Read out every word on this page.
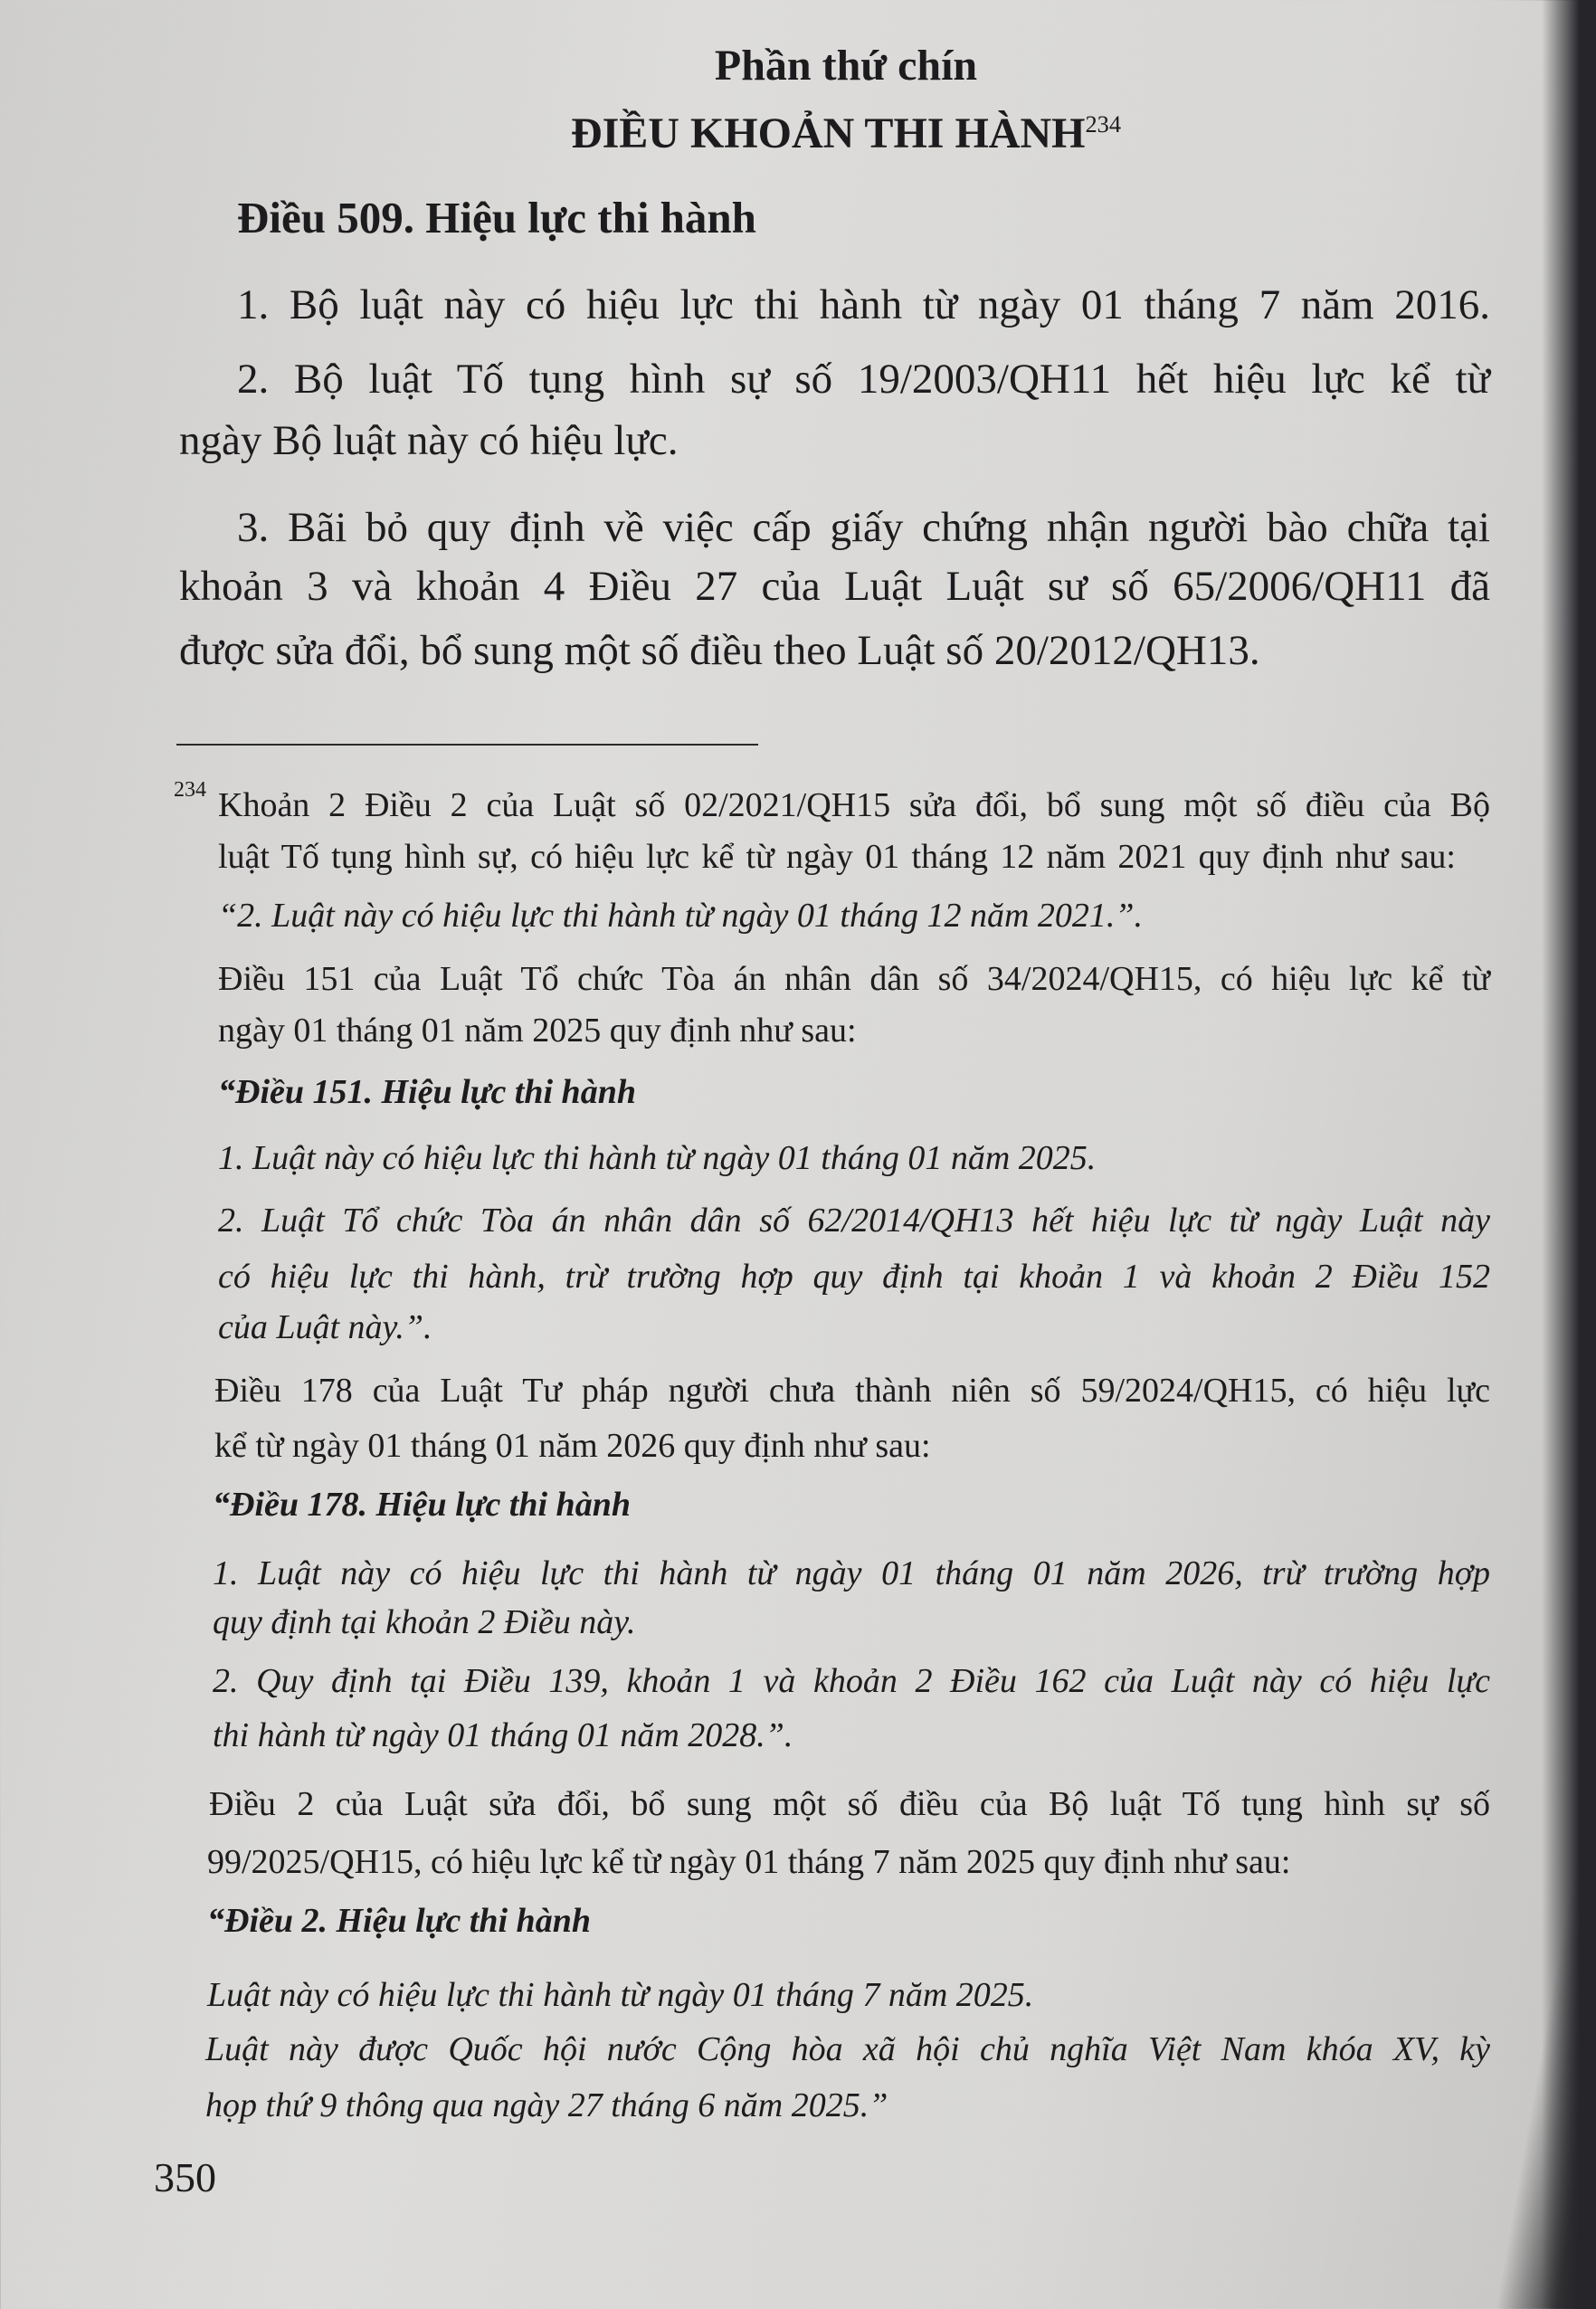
Phần thứ chín
ĐIỀU KHOẢN THI HÀNH$^{234}$
Điều 509. Hiệu lực thi hành
1. Bộ luật này có hiệu lực thi hành từ ngày 01 tháng 7 năm 2016.
2. Bộ luật Tố tụng hình sự số 19/2003/QH11 hết hiệu lực kể từ
ngày Bộ luật này có hiệu lực.
3. Bãi bỏ quy định về việc cấp giấy chứng nhận người bào chữa tại
khoản 3 và khoản 4 Điều 27 của Luật Luật sư số 65/2006/QH11 đã
được sửa đổi, bổ sung một số điều theo Luật số 20/2012/QH13.
234 Khoản 2 Điều 2 của Luật số 02/2021/QH15 sửa đổi, bổ sung một số điều của Bộ
luật Tố tụng hình sự, có hiệu lực kể từ ngày 01 tháng 12 năm 2021 quy định như sau:
“2. Luật này có hiệu lực thi hành từ ngày 01 tháng 12 năm 2021.”.
Điều 151 của Luật Tổ chức Tòa án nhân dân số 34/2024/QH15, có hiệu lực kể từ
ngày 01 tháng 01 năm 2025 quy định như sau:
“Điều 151. Hiệu lực thi hành
1. Luật này có hiệu lực thi hành từ ngày 01 tháng 01 năm 2025.
2. Luật Tổ chức Tòa án nhân dân số 62/2014/QH13 hết hiệu lực từ ngày Luật này
có hiệu lực thi hành, trừ trường hợp quy định tại khoản 1 và khoản 2 Điều 152
của Luật này.”.
Điều 178 của Luật Tư pháp người chưa thành niên số 59/2024/QH15, có hiệu lực
kể từ ngày 01 tháng 01 năm 2026 quy định như sau:
“Điều 178. Hiệu lực thi hành
1. Luật này có hiệu lực thi hành từ ngày 01 tháng 01 năm 2026, trừ trường hợp
quy định tại khoản 2 Điều này.
2. Quy định tại Điều 139, khoản 1 và khoản 2 Điều 162 của Luật này có hiệu lực
thi hành từ ngày 01 tháng 01 năm 2028.”.
Điều 2 của Luật sửa đổi, bổ sung một số điều của Bộ luật Tố tụng hình sự số
99/2025/QH15, có hiệu lực kể từ ngày 01 tháng 7 năm 2025 quy định như sau:
“Điều 2. Hiệu lực thi hành
Luật này có hiệu lực thi hành từ ngày 01 tháng 7 năm 2025.
Luật này được Quốc hội nước Cộng hòa xã hội chủ nghĩa Việt Nam khóa XV, kỳ
họp thứ 9 thông qua ngày 27 tháng 6 năm 2025.”
350
